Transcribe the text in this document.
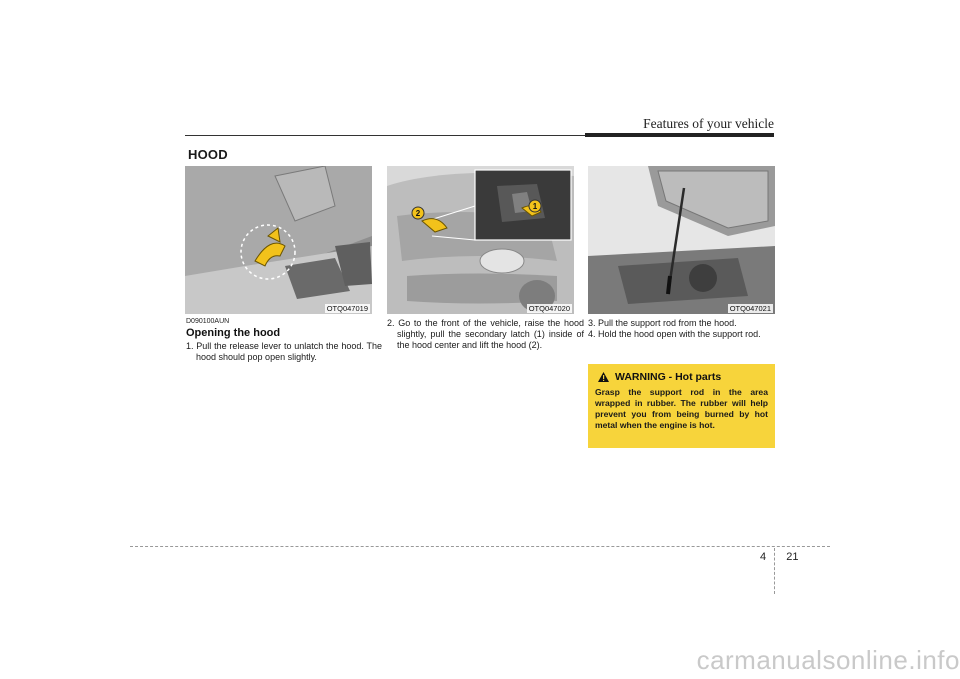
Features of your vehicle
HOOD
OTQ047019
1
2
OTQ047020	OTQ047021
D090100AUN
Opening the hood
1. Pull the release lever to unlatch the hood. The hood should pop open slightly.
2. Go to the front of the vehicle, raise the hood slightly, pull the secondary latch (1) inside of the hood center and lift the hood (2).
3. Pull the support rod from the hood.
4. Hold the hood open with the support rod.
WARNING - Hot parts
Grasp the support rod in the area wrapped in rubber. The rubber will help prevent you from being burned by hot metal when the engine is hot.
4 21
carmanualsonline.info
